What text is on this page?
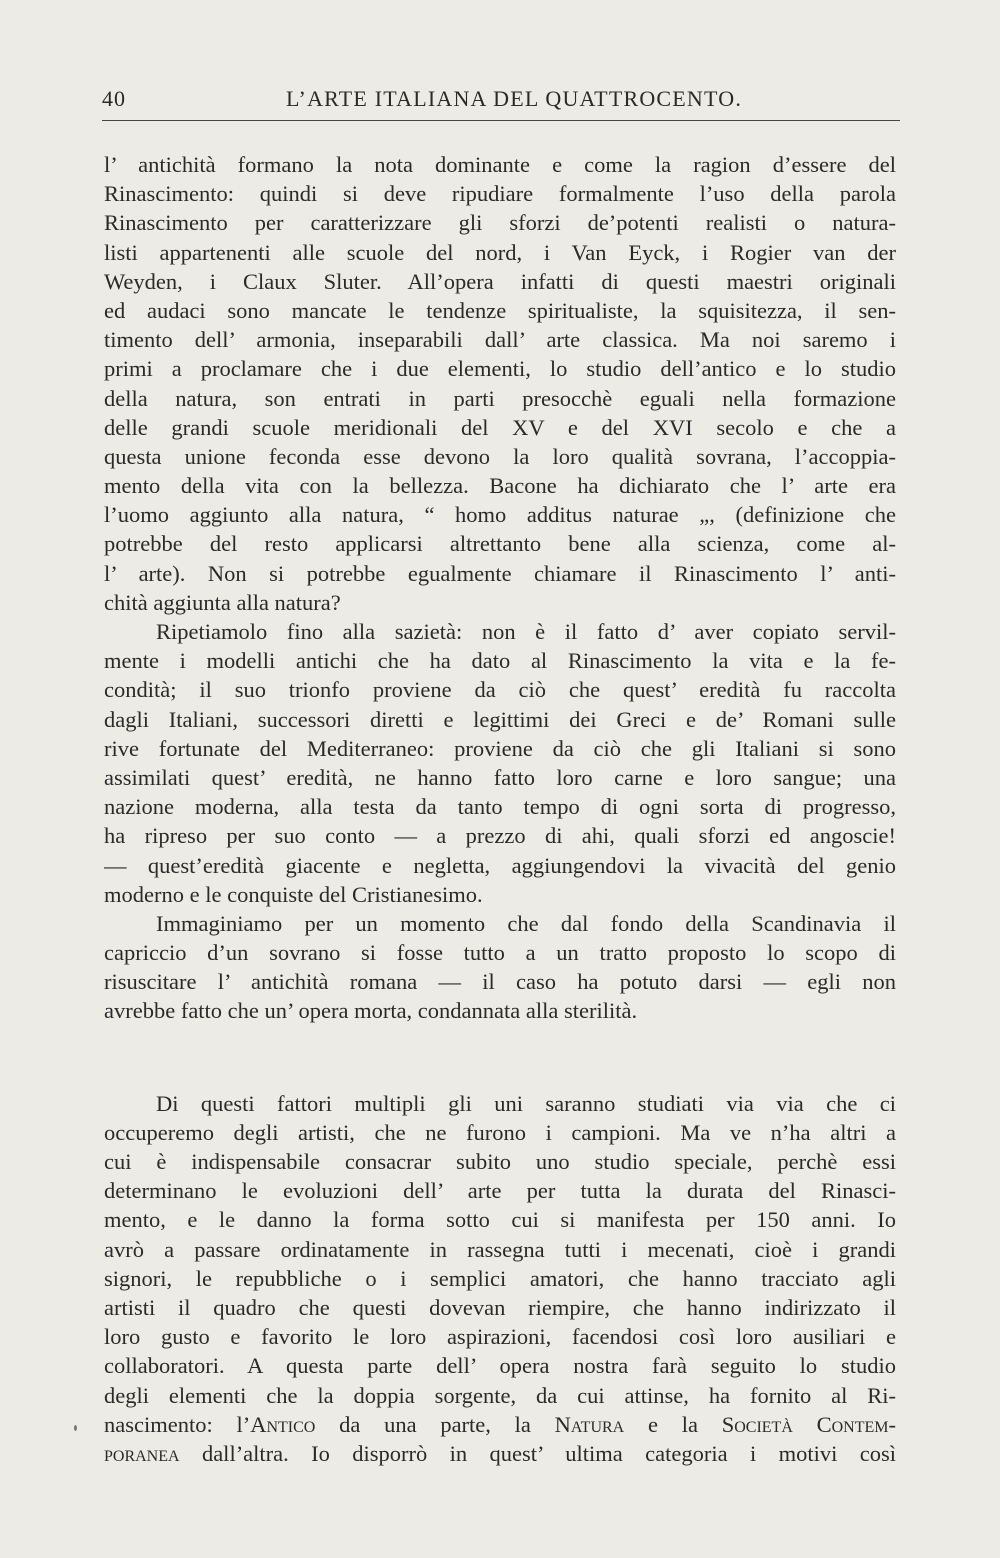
40	L’ARTE ITALIANA DEL QUATTROCENTO.
l’ antichità formano la nota dominante e come la ragion d’essere del
Rinascimento: quindi si deve ripudiare formalmente l’uso della parola
Rinascimento per caratterizzare gli sforzi de’potenti realisti o natura-
listi appartenenti alle scuole del nord, i Van Eyck, i Rogier van der
Weyden, i Claux Sluter. All’opera infatti di questi maestri originali
ed audaci sono mancate le tendenze spiritualiste, la squisitezza, il sen-
timento dell’ armonia, inseparabili dall’ arte classica. Ma noi saremo i
primi a proclamare che i due elementi, lo studio dell’antico e lo studio
della natura, son entrati in parti presocchè eguali nella formazione
delle grandi scuole meridionali del XV e del XVI secolo e che a
questa unione feconda esse devono la loro qualità sovrana, l’accoppia-
mento della vita con la bellezza. Bacone ha dichiarato che l’ arte era
l’uomo aggiunto alla natura, “ homo additus naturae „, (definizione che
potrebbe del resto applicarsi altrettanto bene alla scienza, come al-
l’ arte). Non si potrebbe egualmente chiamare il Rinascimento l’ anti-
chità aggiunta alla natura?
Ripetiamolo fino alla sazietà: non è il fatto d’ aver copiato servil-
mente i modelli antichi che ha dato al Rinascimento la vita e la fe-
condità; il suo trionfo proviene da ciò che quest’ eredità fu raccolta
dagli Italiani, successori diretti e legittimi dei Greci e de’ Romani sulle
rive fortunate del Mediterraneo: proviene da ciò che gli Italiani si sono
assimilati quest’ eredità, ne hanno fatto loro carne e loro sangue; una
nazione moderna, alla testa da tanto tempo di ogni sorta di progresso,
ha ripreso per suo conto — a prezzo di ahi, quali sforzi ed angoscie!
— quest’eredità giacente e negletta, aggiungendovi la vivacità del genio
moderno e le conquiste del Cristianesimo.
Immaginiamo per un momento che dal fondo della Scandinavia il
capriccio d’un sovrano si fosse tutto a un tratto proposto lo scopo di
risuscitare l’ antichità romana — il caso ha potuto darsi — egli non
avrebbe fatto che un’ opera morta, condannata alla sterilità.
Di questi fattori multipli gli uni saranno studiati via via che ci
occuperemo degli artisti, che ne furono i campioni. Ma ve n’ha altri a
cui è indispensabile consacrar subito uno studio speciale, perchè essi
determinano le evoluzioni dell’ arte per tutta la durata del Rinasci-
mento, e le danno la forma sotto cui si manifesta per 150 anni. Io
avrò a passare ordinatamente in rassegna tutti i mecenati, cioè i grandi
signori, le repubbliche o i semplici amatori, che hanno tracciato agli
artisti il quadro che questi dovevan riempire, che hanno indirizzato il
loro gusto e favorito le loro aspirazioni, facendosi così loro ausiliari e
collaboratori. A questa parte dell’ opera nostra farà seguito lo studio
degli elementi che la doppia sorgente, da cui attinse, ha fornito al Ri-
nascimento: l’Antico da una parte, la Natura e la Società Contem-
poranea dall’altra. Io disporrò in quest’ ultima categoria i motivi così
